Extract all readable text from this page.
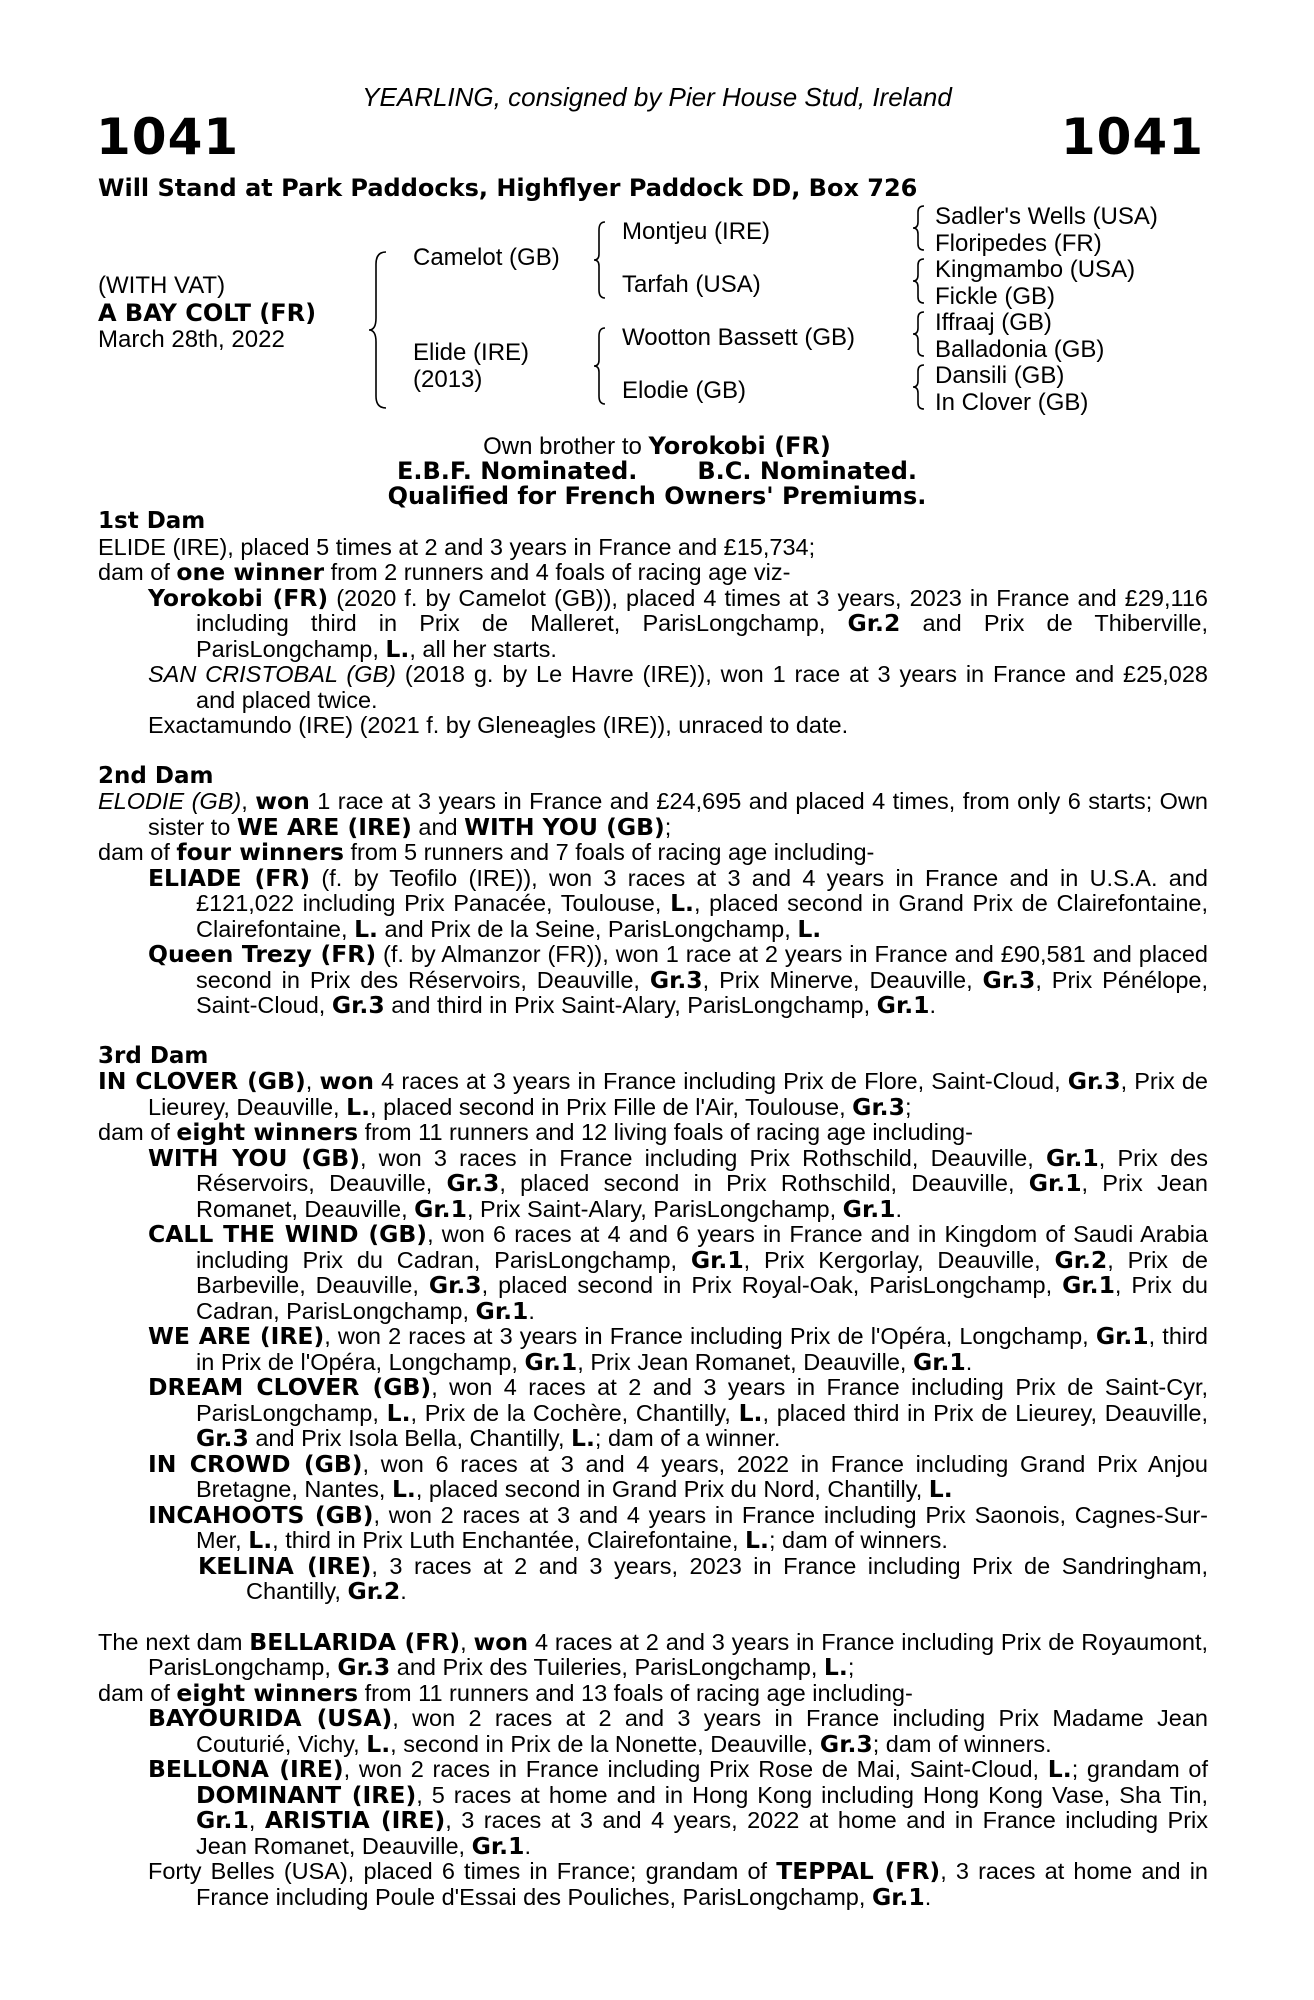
YEARLING, consigned by Pier House Stud, Ireland
1041	1041
Will Stand at Park Paddocks, Highflyer Paddock DD, Box 726
(WITH VAT)
A BAY COLT (FR)
March 28th, 2022
Camelot (GB)
Elide (IRE)
(2013)
Montjeu (IRE)
Tarfah (USA)
Wootton Bassett (GB)
Elodie (GB)
Sadler's Wells (USA)
Floripedes (FR)
Kingmambo (USA)
Fickle (GB)
Iffraaj (GB)
Balladonia (GB)
Dansili (GB)
In Clover (GB)
Own brother to Yorokobi (FR)
E.B.F. Nominated.	B.C. Nominated.
Qualified for French Owners' Premiums.

1st Dam

ELIDE (IRE), placed 5 times at 2 and 3 years in France and £15,734;

dam of one winner from 2 runners and 4 foals of racing age viz-

Yorokobi (FR) (2020 f. by Camelot (GB)), placed 4 times at 3 years, 2023 in France and £29,116 including third in Prix de Malleret, ParisLongchamp, Gr.2 and Prix de Thiberville, ParisLongchamp, L., all her starts.

SAN CRISTOBAL (GB) (2018 g. by Le Havre (IRE)), won 1 race at 3 years in France and £25,028 and placed twice.

Exactamundo (IRE) (2021 f. by Gleneagles (IRE)), unraced to date.

2nd Dam

ELODIE (GB), won 1 race at 3 years in France and £24,695 and placed 4 times, from only 6 starts; Own sister to WE ARE (IRE) and WITH YOU (GB);

dam of four winners from 5 runners and 7 foals of racing age including-

ELIADE (FR) (f. by Teofilo (IRE)), won 3 races at 3 and 4 years in France and in U.S.A. and £121,022 including Prix Panacée, Toulouse, L., placed second in Grand Prix de Clairefontaine, Clairefontaine, L. and Prix de la Seine, ParisLongchamp, L.

Queen Trezy (FR) (f. by Almanzor (FR)), won 1 race at 2 years in France and £90,581 and placed second in Prix des Réservoirs, Deauville, Gr.3, Prix Minerve, Deauville, Gr.3, Prix Pénélope, Saint-Cloud, Gr.3 and third in Prix Saint-Alary, ParisLongchamp, Gr.1.

3rd Dam

IN CLOVER (GB), won 4 races at 3 years in France including Prix de Flore, Saint-Cloud, Gr.3, Prix de Lieurey, Deauville, L., placed second in Prix Fille de l'Air, Toulouse, Gr.3;

dam of eight winners from 11 runners and 12 living foals of racing age including-

WITH YOU (GB), won 3 races in France including Prix Rothschild, Deauville, Gr.1, Prix des Réservoirs, Deauville, Gr.3, placed second in Prix Rothschild, Deauville, Gr.1, Prix Jean Romanet, Deauville, Gr.1, Prix Saint-Alary, ParisLongchamp, Gr.1.

CALL THE WIND (GB), won 6 races at 4 and 6 years in France and in Kingdom of Saudi Arabia including Prix du Cadran, ParisLongchamp, Gr.1, Prix Kergorlay, Deauville, Gr.2, Prix de Barbeville, Deauville, Gr.3, placed second in Prix Royal-Oak, ParisLongchamp, Gr.1, Prix du Cadran, ParisLongchamp, Gr.1.

WE ARE (IRE), won 2 races at 3 years in France including Prix de l'Opéra, Longchamp, Gr.1, third in Prix de l'Opéra, Longchamp, Gr.1, Prix Jean Romanet, Deauville, Gr.1.

DREAM CLOVER (GB), won 4 races at 2 and 3 years in France including Prix de Saint-Cyr, ParisLongchamp, L., Prix de la Cochère, Chantilly, L., placed third in Prix de Lieurey, Deauville, Gr.3 and Prix Isola Bella, Chantilly, L.; dam of a winner.

IN CROWD (GB), won 6 races at 3 and 4 years, 2022 in France including Grand Prix Anjou Bretagne, Nantes, L., placed second in Grand Prix du Nord, Chantilly, L.

INCAHOOTS (GB), won 2 races at 3 and 4 years in France including Prix Saonois, Cagnes-Sur-Mer, L., third in Prix Luth Enchantée, Clairefontaine, L.; dam of winners.

KELINA (IRE), 3 races at 2 and 3 years, 2023 in France including Prix de Sandringham, Chantilly, Gr.2.

The next dam BELLARIDA (FR), won 4 races at 2 and 3 years in France including Prix de Royaumont, ParisLongchamp, Gr.3 and Prix des Tuileries, ParisLongchamp, L.;

dam of eight winners from 11 runners and 13 foals of racing age including-

BAYOURIDA (USA), won 2 races at 2 and 3 years in France including Prix Madame Jean Couturié, Vichy, L., second in Prix de la Nonette, Deauville, Gr.3; dam of winners.

BELLONA (IRE), won 2 races in France including Prix Rose de Mai, Saint-Cloud, L.; grandam of DOMINANT (IRE), 5 races at home and in Hong Kong including Hong Kong Vase, Sha Tin, Gr.1, ARISTIA (IRE), 3 races at 3 and 4 years, 2022 at home and in France including Prix Jean Romanet, Deauville, Gr.1.

Forty Belles (USA), placed 6 times in France; grandam of TEPPAL (FR), 3 races at home and in France including Poule d'Essai des Pouliches, ParisLongchamp, Gr.1.
